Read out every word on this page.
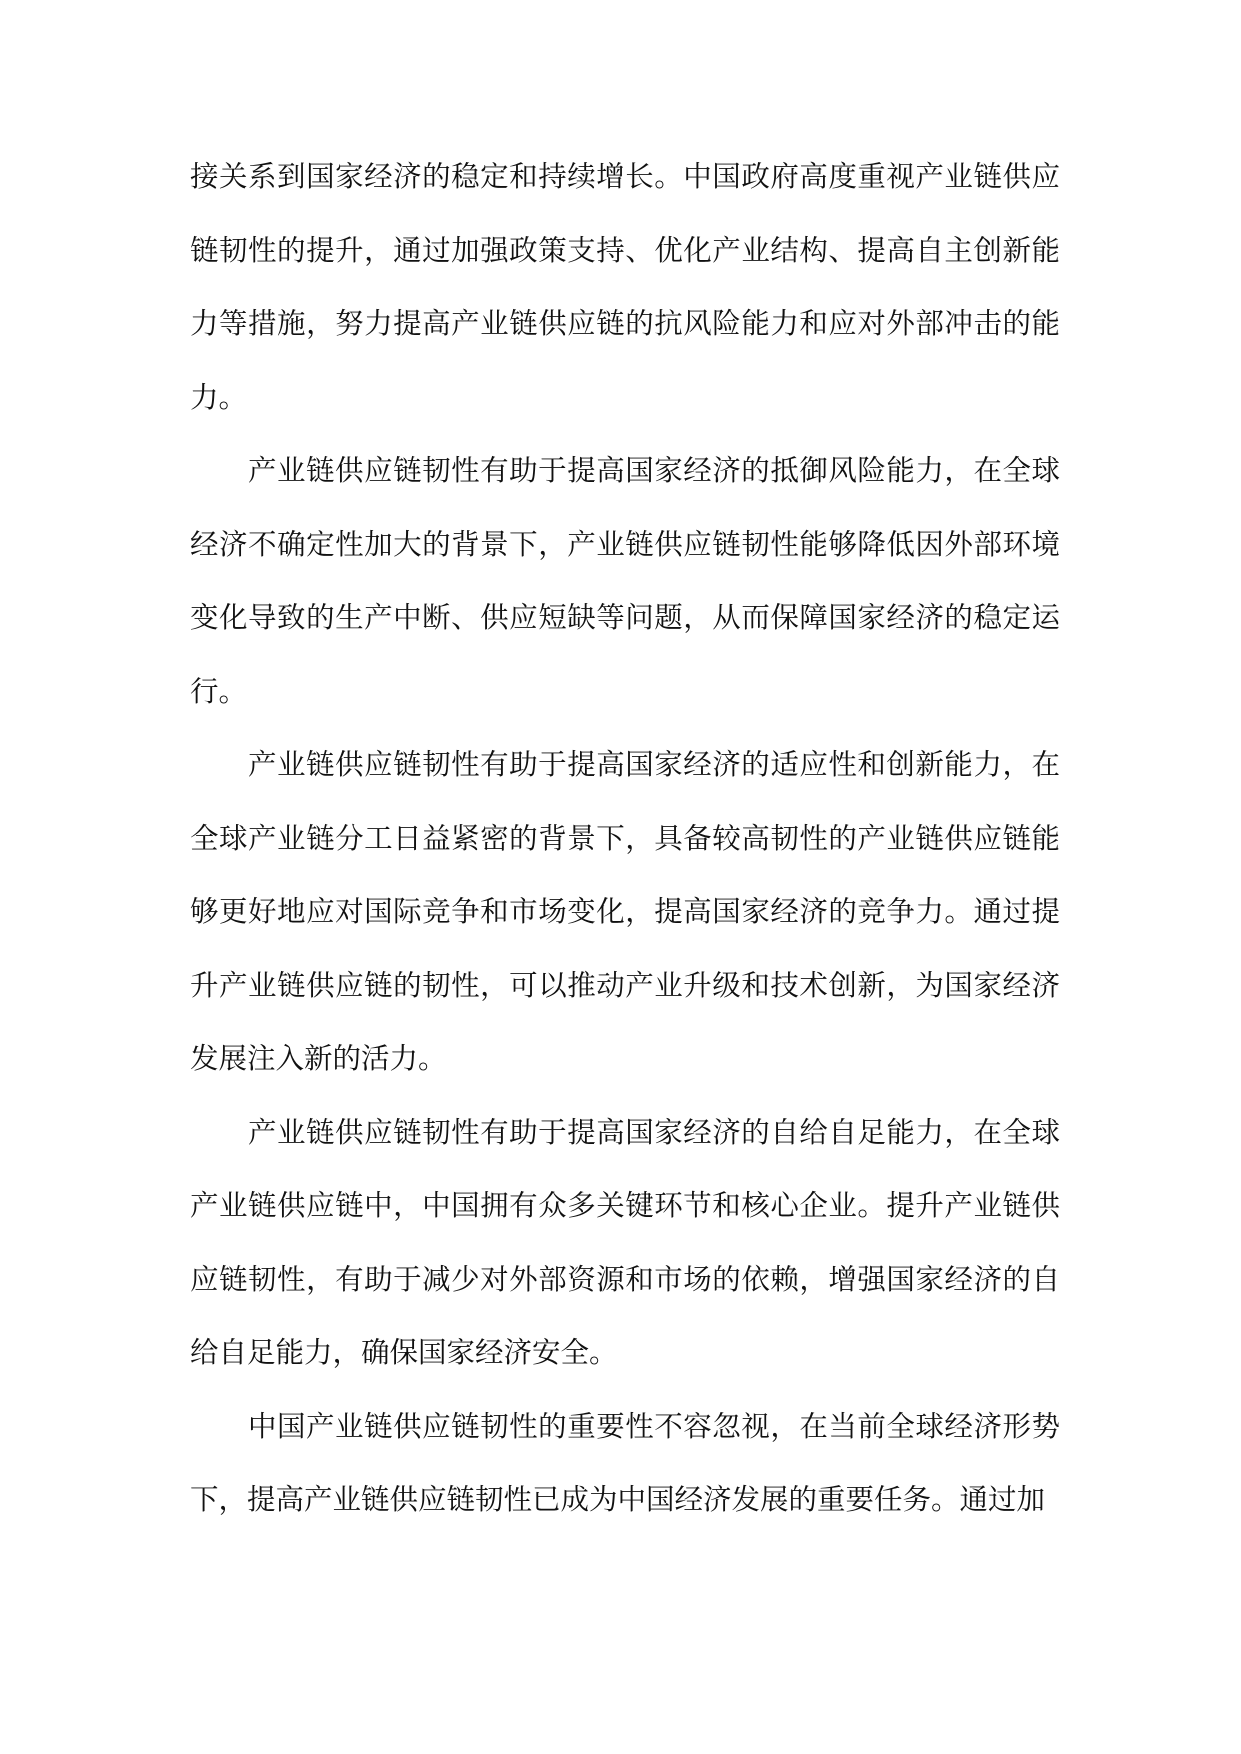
接关系到国家经济的稳定和持续增长。中国政府高度重视产业链供应链韧性的提升，通过加强政策支持、优化产业结构、提高自主创新能力等措施，努力提高产业链供应链的抗风险能力和应对外部冲击的能力。

产业链供应链韧性有助于提高国家经济的抵御风险能力，在全球经济不确定性加大的背景下，产业链供应链韧性能够降低因外部环境变化导致的生产中断、供应短缺等问题，从而保障国家经济的稳定运行。

产业链供应链韧性有助于提高国家经济的适应性和创新能力，在全球产业链分工日益紧密的背景下，具备较高韧性的产业链供应链能够更好地应对国际竞争和市场变化，提高国家经济的竞争力。通过提升产业链供应链的韧性，可以推动产业升级和技术创新，为国家经济发展注入新的活力。

产业链供应链韧性有助于提高国家经济的自给自足能力，在全球产业链供应链中，中国拥有众多关键环节和核心企业。提升产业链供应链韧性，有助于减少对外部资源和市场的依赖，增强国家经济的自给自足能力，确保国家经济安全。

中国产业链供应链韧性的重要性不容忽视，在当前全球经济形势下，提高产业链供应链韧性已成为中国经济发展的重要任务。通过加
